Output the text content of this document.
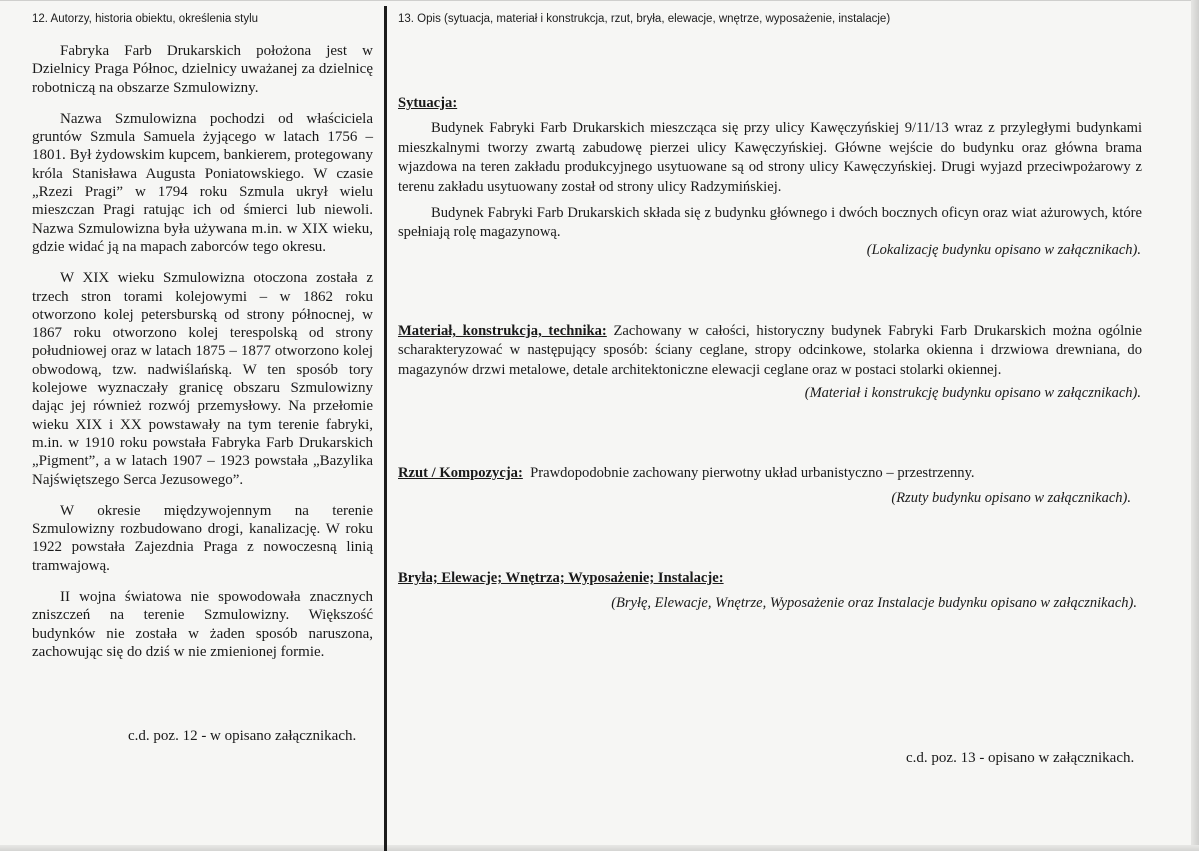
12. Autorzy, historia obiektu, określenia stylu

Fabryka Farb Drukarskich położona jest w Dzielnicy Praga Północ, dzielnicy uważanej za dzielnicę robotniczą na obszarze Szmulowizny.

Nazwa Szmulowizna pochodzi od właściciela gruntów Szmula Samuela żyjącego w latach 1756 – 1801. Był żydowskim kupcem, bankierem, protegowany króla Stanisława Augusta Poniatowskiego. W czasie „Rzezi Pragi” w 1794 roku Szmula ukrył wielu mieszczan Pragi ratując ich od śmierci lub niewoli. Nazwa Szmulowizna była używana m.in. w XIX wieku, gdzie widać ją na mapach zaborców tego okresu.

W XIX wieku Szmulowizna otoczona została z trzech stron torami kolejowymi – w 1862 roku otworzono kolej petersburską od strony północnej, w 1867 roku otworzono kolej terespolską od strony południowej oraz w latach 1875 – 1877 otworzono kolej obwodową, tzw. nadwiślańską. W ten sposób tory kolejowe wyznaczały granicę obszaru Szmulowizny dając jej również rozwój przemysłowy. Na przełomie wieku XIX i XX powstawały na tym terenie fabryki, m.in. w 1910 roku powstała Fabryka Farb Drukarskich „Pigment”, a w latach 1907 – 1923 powstała „Bazylika Najświętszego Serca Jezusowego”.

W okresie międzywojennym na terenie Szmulowizny rozbudowano drogi, kanalizację. W roku 1922 powstała Zajezdnia Praga z nowoczesną linią tramwajową.

II wojna światowa nie spowodowała znacznych zniszczeń na terenie Szmulowizny. Większość budynków nie została w żaden sposób naruszona, zachowując się do dziś w nie zmienionej formie.

c.d. poz. 12 - w opisano załącznikach.
13. Opis (sytuacja, materiał i konstrukcja, rzut, bryła, elewacje, wnętrze, wyposażenie, instalacje)

Sytuacja:

Budynek Fabryki Farb Drukarskich mieszcząca się przy ulicy Kawęczyńskiej 9/11/13 wraz z przyległymi budynkami mieszkalnymi tworzy zwartą zabudowę pierzei ulicy Kawęczyńskiej. Główne wejście do budynku oraz główna brama wjazdowa na teren zakładu produkcyjnego usytuowane są od strony ulicy Kawęczyńskiej. Drugi wyjazd przeciwpożarowy z terenu zakładu usytuowany został od strony ulicy Radzymińskiej.

Budynek Fabryki Farb Drukarskich składa się z budynku głównego i dwóch bocznych oficyn oraz wiat ażurowych, które spełniają rolę magazynową.

(Lokalizację budynku opisano w załącznikach).

Materiał, konstrukcja, technika: Zachowany w całości, historyczny budynek Fabryki Farb Drukarskich można ogólnie scharakteryzować w następujący sposób: ściany ceglane, stropy odcinkowe, stolarka okienna i drzwiowa drewniana, do magazynów drzwi metalowe, detale architektoniczne elewacji ceglane oraz w postaci stolarki okiennej.

(Materiał i konstrukcję budynku opisano w załącznikach).

Rzut / Kompozycja:  Prawdopodobnie zachowany pierwotny układ urbanistyczno – przestrzenny.

(Rzuty budynku opisano w załącznikach).

Bryła; Elewacje; Wnętrza; Wyposażenie; Instalacje:

(Bryłę, Elewacje, Wnętrze, Wyposażenie oraz Instalacje budynku opisano w załącznikach).
c.d. poz. 13 - opisano w załącznikach.
